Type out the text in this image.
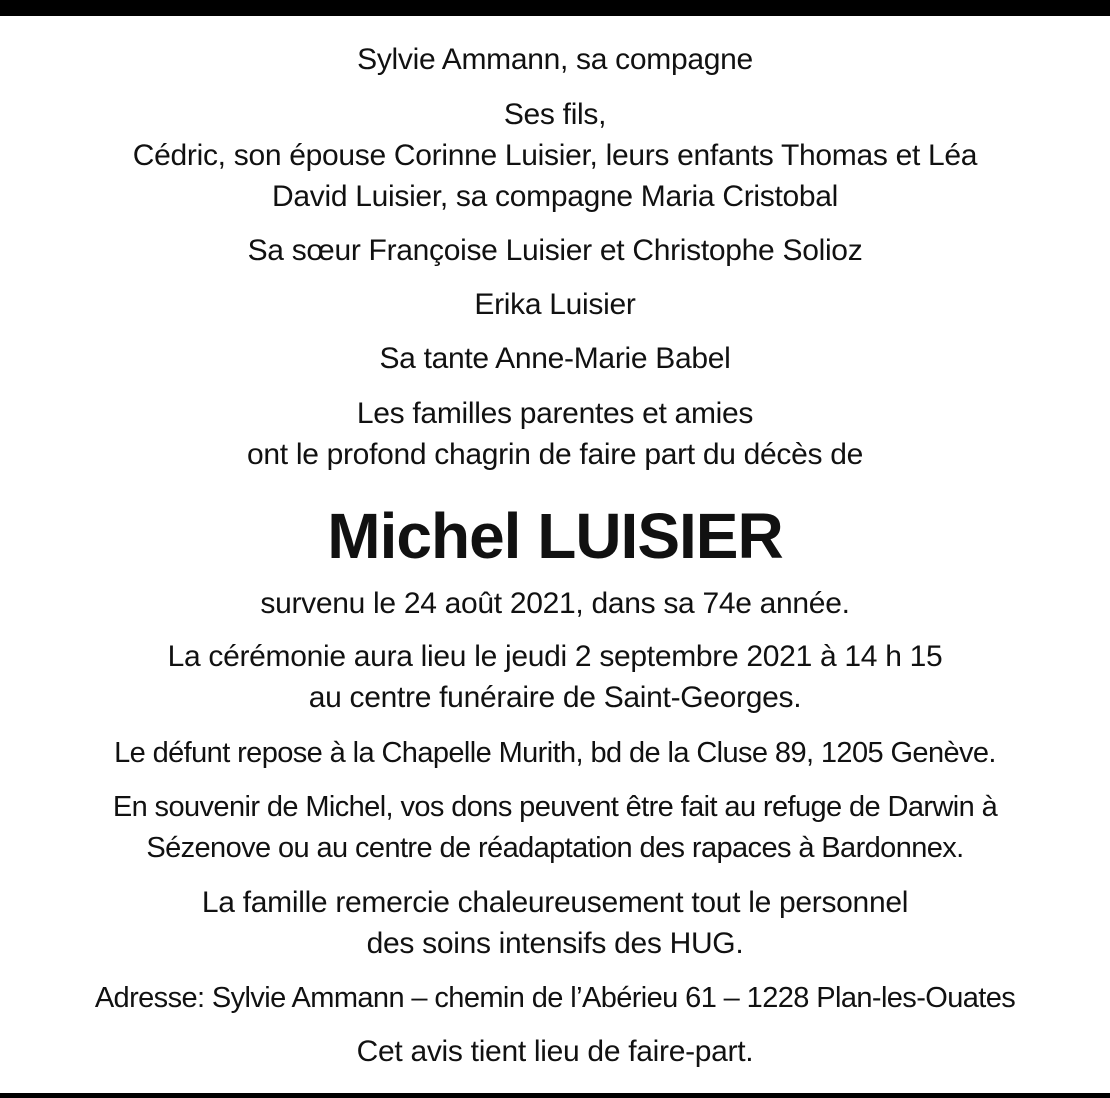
Sylvie Ammann, sa compagne
Ses fils,
Cédric, son épouse Corinne Luisier, leurs enfants Thomas et Léa
David Luisier, sa compagne Maria Cristobal
Sa sœur Françoise Luisier et Christophe Solioz
Erika Luisier
Sa tante Anne-Marie Babel
Les familles parentes et amies
ont le profond chagrin de faire part du décès de
Michel LUISIER
survenu le 24 août 2021, dans sa 74e année.
La cérémonie aura lieu le jeudi 2 septembre 2021 à 14 h 15
au centre funéraire de Saint-Georges.
Le défunt repose à la Chapelle Murith, bd de la Cluse 89, 1205 Genève.
En souvenir de Michel, vos dons peuvent être fait au refuge de Darwin à
Sézenove ou au centre de réadaptation des rapaces à Bardonnex.
La famille remercie chaleureusement tout le personnel
des soins intensifs des HUG.
Adresse: Sylvie Ammann – chemin de l’Abérieu 61 – 1228 Plan-les-Ouates
Cet avis tient lieu de faire-part.
